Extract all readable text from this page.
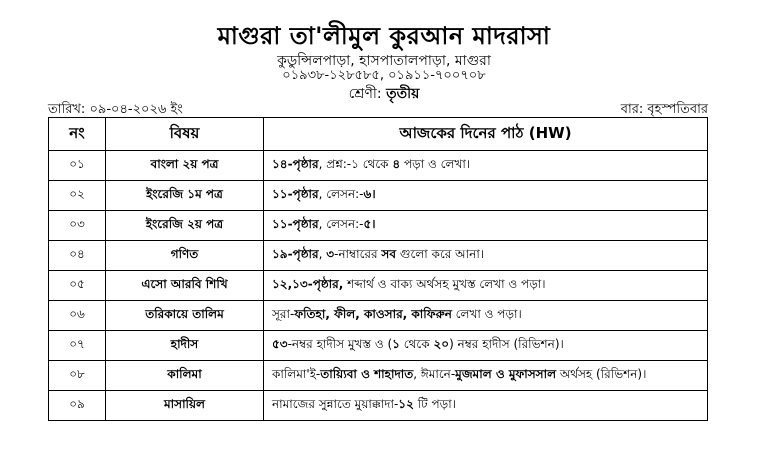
মাগুরা তা'লীমুল কুরআন মাদরাসা
কুডুন্সিলপাড়া, হাসপাতালপাড়া, মাগুরা
০১৯৩৮-১২৮৫৮৫, ০১৯১১-৭০০৭০৮
শ্রেণী: তৃতীয়
তারিখ: ০৯-০৪-২০২৬ ইং	বার: বৃহস্পতিবার
নং	বিষয়	আজকের দিনের পাঠ (HW)
০১	বাংলা ২য় পত্র	১৪-পৃষ্ঠার, প্রশ্ন:-১ থেকে ৪ পড়া ও লেখা।
০২	ইংরেজি ১ম পত্র	১১-পৃষ্ঠার, লেসন:-৬।
০৩	ইংরেজি ২য় পত্র	১১-পৃষ্ঠার, লেসন:-৫।
০৪	গণিত	১৯-পৃষ্ঠার, ৩-নাম্বারের সব গুলো করে আনা।
০৫	এসো আরবি শিখি	১২,১৩-পৃষ্ঠার, শব্দার্থ ও বাক্য অর্থসহ মুখস্ত লেখা ও পড়া।
০৬	তরিকায়ে তালিম	সূরা-ফতিহা, ফীল, কাওসার, কাফিরুন লেখা ও পড়া।
০৭	হাদীস	৫৩-নম্বর হাদীস মুখস্ত ও (১ থেকে ২০) নম্বর হাদীস (রিভিশন)।
০৮	কালিমা	কালিমা'ই-তায়্যিবা ও শাহাদাত, ঈমানে-মুজমাল ও মুফাসসাল অর্থসহ (রিভিশন)।
০৯	মাসায়িল	নামাজের সুন্নাতে মুয়াক্কাদা-১২ টি পড়া।
